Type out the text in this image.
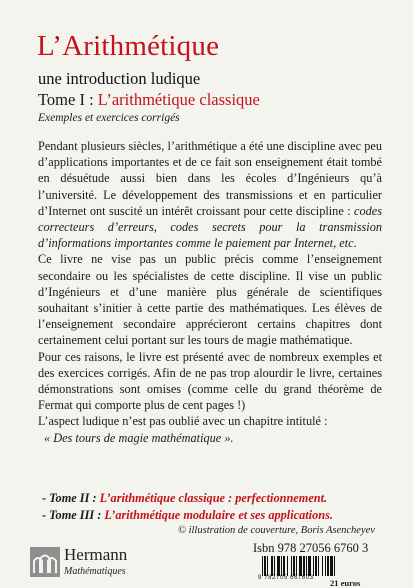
L’Arithmétique
une introduction ludique
Tome I : L’arithmétique classique
Exemples et exercices corrigés

Pendant plusieurs siècles, l’arithmétique a été une discipline avec peu d’applications importantes et de ce fait son enseignement était tombé en désuétude aussi bien dans les écoles d’Ingénieurs qu’à l’université. Le développement des transmissions et en particulier d’Internet ont suscité un intérêt croissant pour cette discipline : codes correcteurs d’erreurs, codes secrets pour la transmission d’informations importantes comme le paiement par Internet, etc.

Ce livre ne vise pas un public précis comme l’enseignement secondaire ou les spécialistes de cette discipline. Il vise un public d’Ingénieurs et d’une manière plus générale de scientifiques souhaitant s’initier à cette partie des mathématiques. Les élèves de l’enseignement secondaire apprécieront certains chapitres dont certainement celui portant sur les tours de magie mathématique.

Pour ces raisons, le livre est présenté avec de nombreux exemples et des exercices corrigés. Afin de ne pas trop alourdir le livre, certaines démonstrations sont omises (comme celle du grand théorème de Fermat qui comporte plus de cent pages !)

L’aspect ludique n’est pas oublié avec un chapitre intitulé :

« Des tours de magie mathématique ».

- Tome II : L’arithmétique classique : perfectionnement.
- Tome III : L’arithmétique modulaire et ses applications.
© illustration de couverture, Boris Asencheyev
Hermann
Mathématiques
Isbn 978 27056 6760 3
9 782705 667603 21 euros
